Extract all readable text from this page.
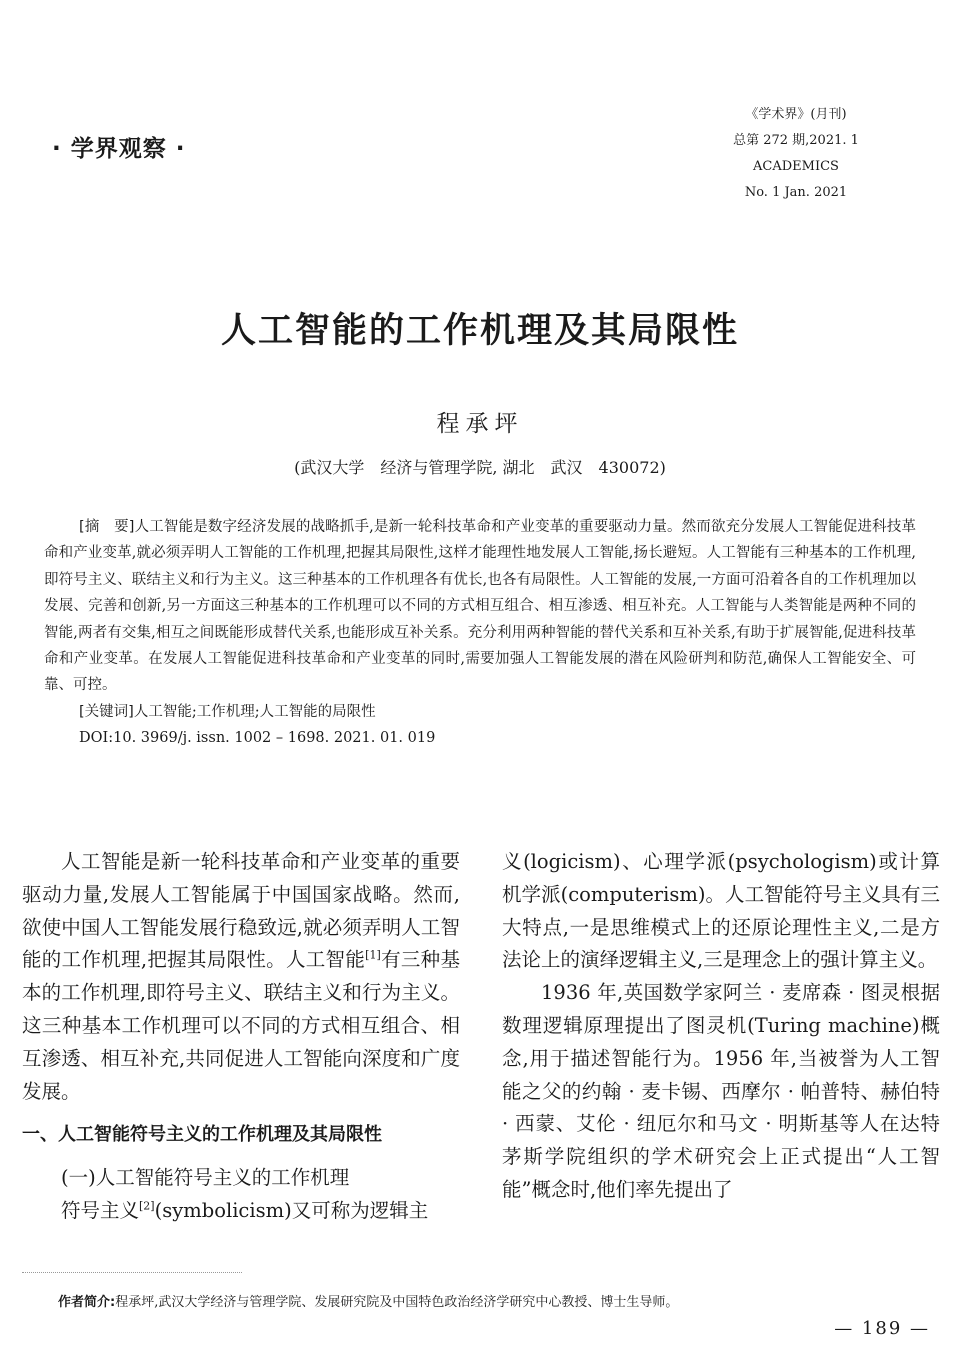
· 学界观察 ·
《学术界》(月刊)
总第 272 期,2021. 1
ACADEMICS
No. 1 Jan. 2021
人工智能的工作机理及其局限性
程承坪
(武汉大学　经济与管理学院, 湖北　武汉　430072)

[摘　要]人工智能是数字经济发展的战略抓手,是新一轮科技革命和产业变革的重要驱动力量。然而欲充分发展人工智能促进科技革命和产业变革,就必须弄明人工智能的工作机理,把握其局限性,这样才能理性地发展人工智能,扬长避短。人工智能有三种基本的工作机理,即符号主义、联结主义和行为主义。这三种基本的工作机理各有优长,也各有局限性。人工智能的发展,一方面可沿着各自的工作机理加以发展、完善和创新,另一方面这三种基本的工作机理可以不同的方式相互组合、相互渗透、相互补充。人工智能与人类智能是两种不同的智能,两者有交集,相互之间既能形成替代关系,也能形成互补关系。充分利用两种智能的替代关系和互补关系,有助于扩展智能,促进科技革命和产业变革。在发展人工智能促进科技革命和产业变革的同时,需要加强人工智能发展的潜在风险研判和防范,确保人工智能安全、可靠、可控。

[关键词]人工智能;工作机理;人工智能的局限性

DOI:10. 3969/j. issn. 1002 – 1698. 2021. 01. 019

人工智能是新一轮科技革命和产业变革的重要驱动力量,发展人工智能属于中国国家战略。然而,欲使中国人工智能发展行稳致远,就必须弄明人工智能的工作机理,把握其局限性。人工智能[1]有三种基本的工作机理,即符号主义、联结主义和行为主义。这三种基本工作机理可以不同的方式相互组合、相互渗透、相互补充,共同促进人工智能向深度和广度发展。

一、人工智能符号主义的工作机理及其局限性

(一)人工智能符号主义的工作机理

符号主义[2](symbolicism)又可称为逻辑主

义(logicism)、心理学派(psychologism)或计算机学派(computerism)。人工智能符号主义具有三大特点,一是思维模式上的还原论理性主义,二是方法论上的演绎逻辑主义,三是理念上的强计算主义。

1936 年,英国数学家阿兰 · 麦席森 · 图灵根据数理逻辑原理提出了图灵机(Turing machine)概念,用于描述智能行为。1956 年,当被誉为人工智能之父的约翰 · 麦卡锡、西摩尔 · 帕普特、赫伯特 · 西蒙、艾伦 · 纽厄尔和马文 · 明斯基等人在达特茅斯学院组织的学术研究会上正式提出“人工智能”概念时,他们率先提出了

作者简介:程承坪,武汉大学经济与管理学院、发展研究院及中国特色政治经济学研究中心教授、博士生导师。
— 189 —
